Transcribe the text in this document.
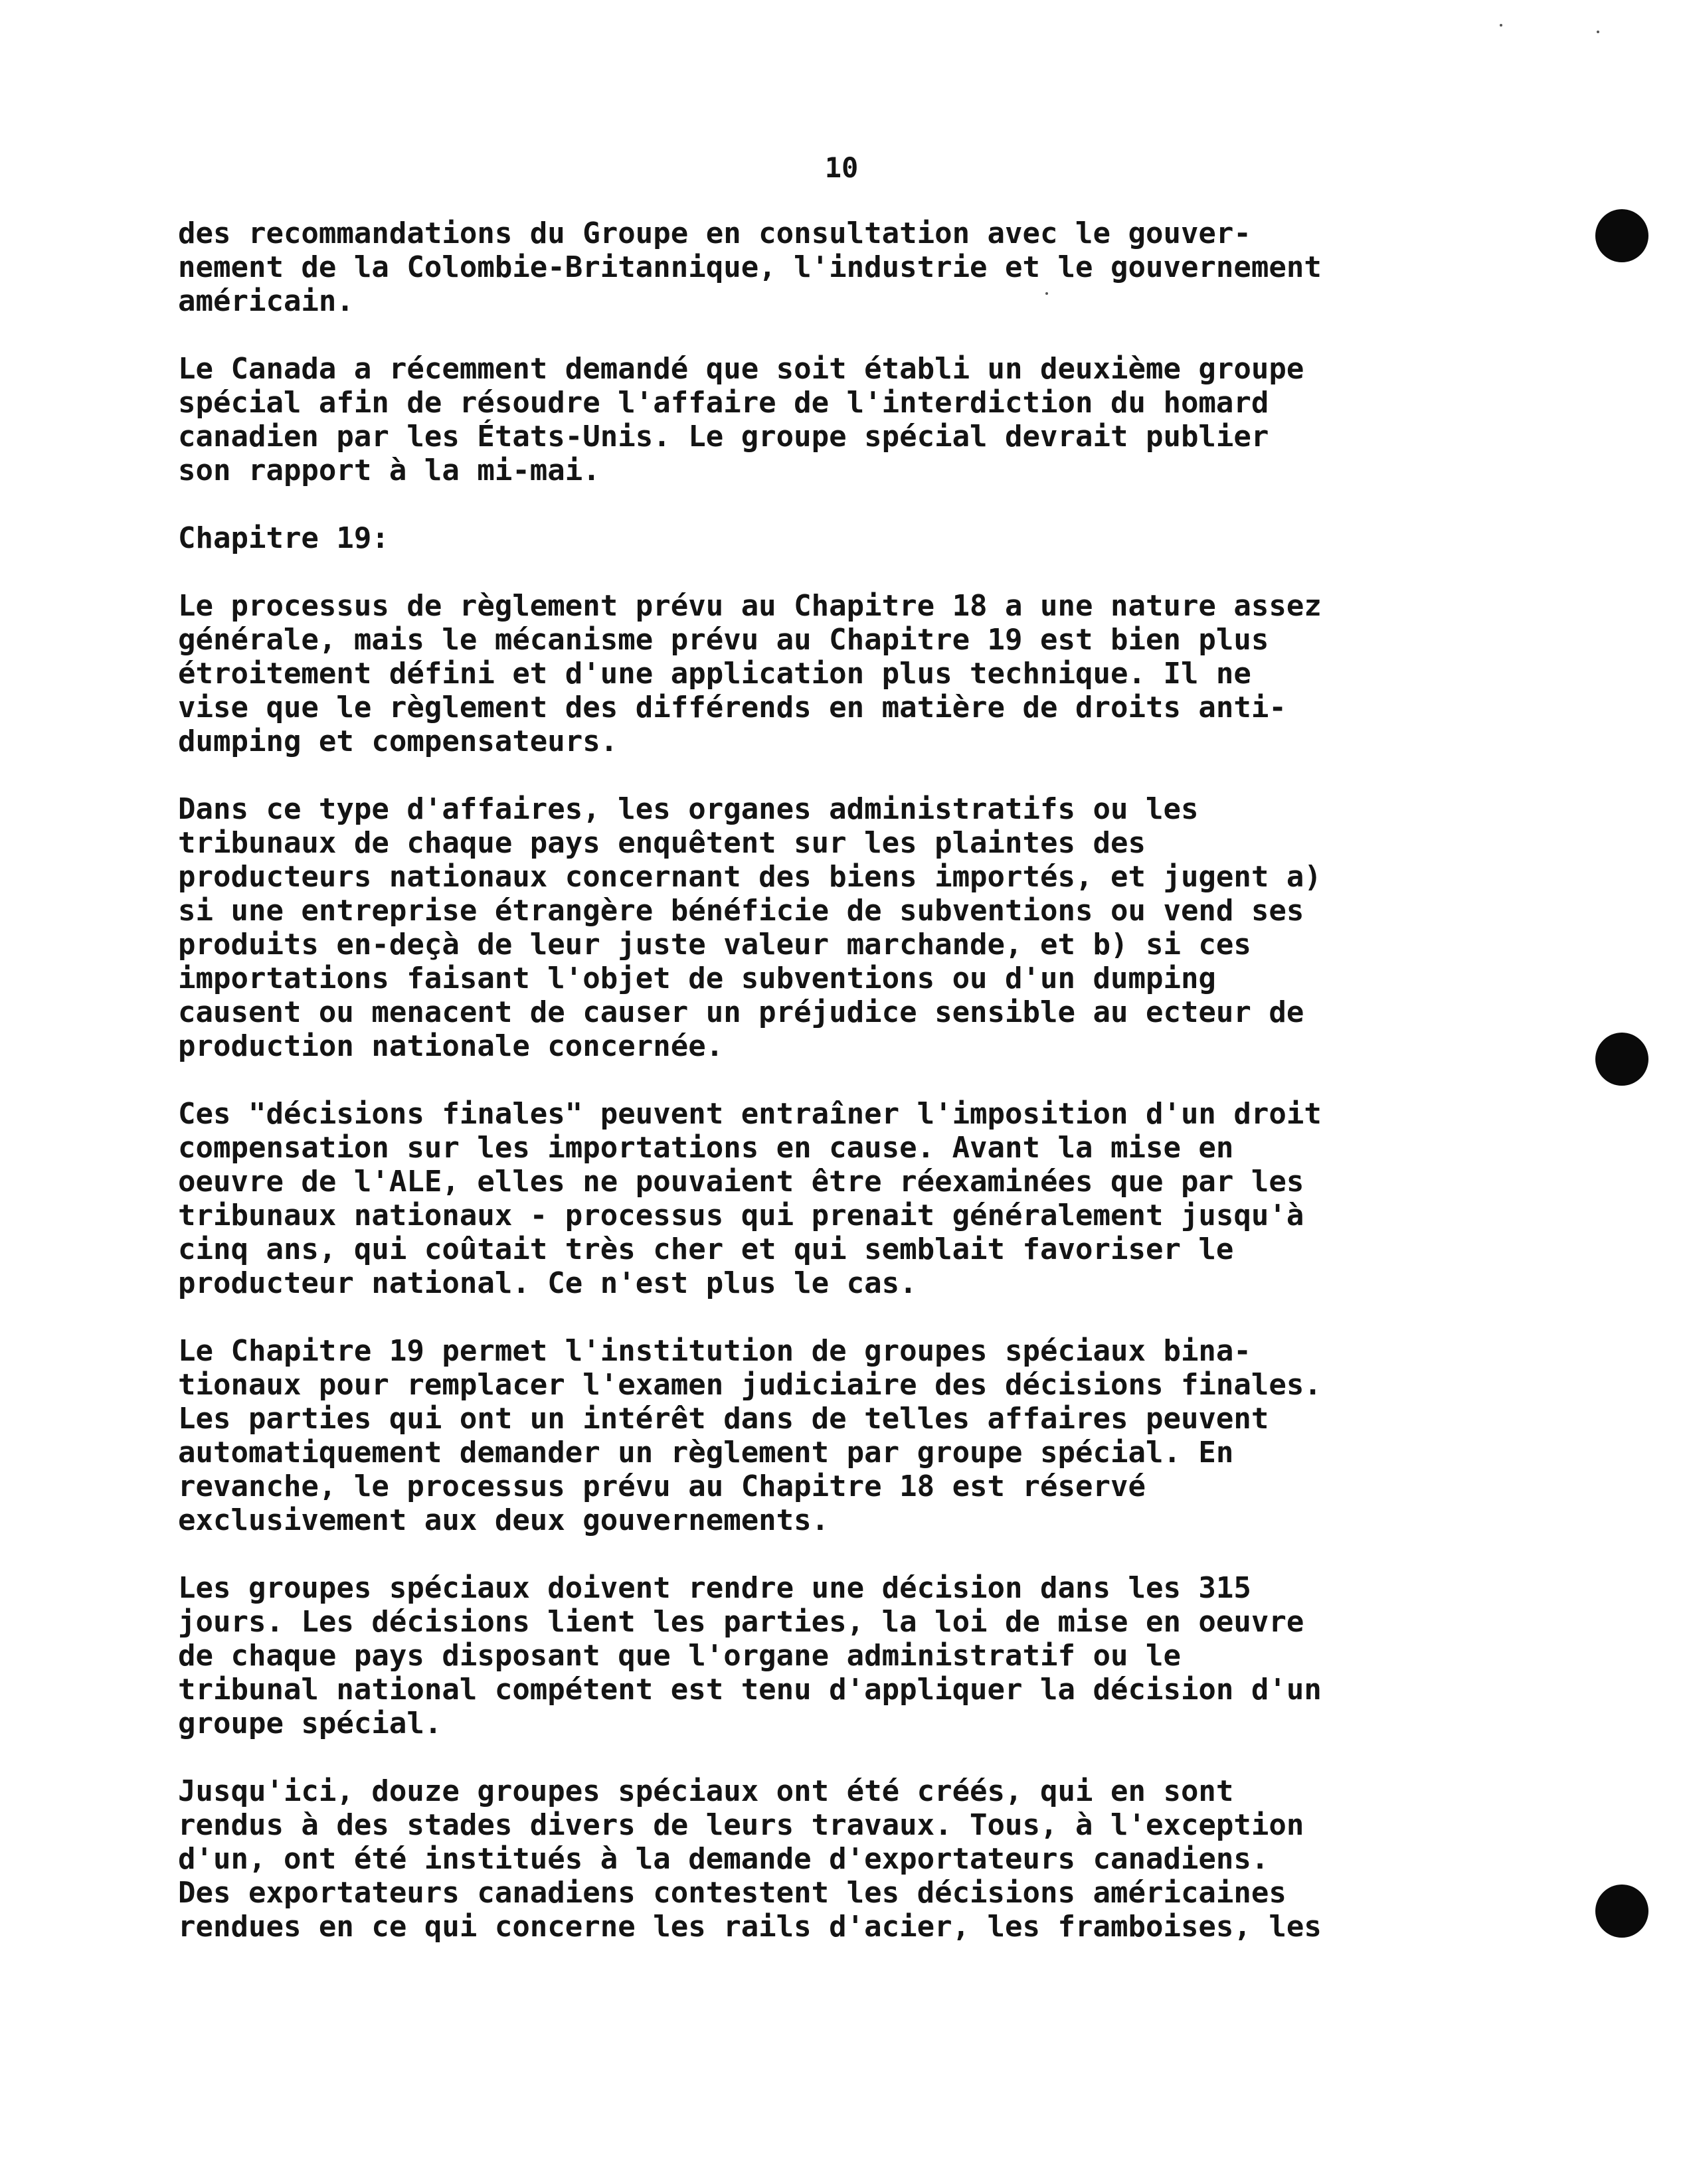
10
des recommandations du Groupe en consultation avec le gouver-
nement de la Colombie-Britannique, l'industrie et le gouvernement
américain.
Le Canada a récemment demandé que soit établi un deuxième groupe
spécial afin de résoudre l'affaire de l'interdiction du homard
canadien par les États-Unis. Le groupe spécial devrait publier
son rapport à la mi-mai.
Chapitre 19:
Le processus de règlement prévu au Chapitre 18 a une nature assez
générale, mais le mécanisme prévu au Chapitre 19 est bien plus
étroitement défini et d'une application plus technique. Il ne
vise que le règlement des différends en matière de droits anti-
dumping et compensateurs.
Dans ce type d'affaires, les organes administratifs ou les
tribunaux de chaque pays enquêtent sur les plaintes des
producteurs nationaux concernant des biens importés, et jugent a)
si une entreprise étrangère bénéficie de subventions ou vend ses
produits en-deçà de leur juste valeur marchande, et b) si ces
importations faisant l'objet de subventions ou d'un dumping
causent ou menacent de causer un préjudice sensible au ecteur de
production nationale concernée.
Ces "décisions finales" peuvent entraîner l'imposition d'un droit
compensation sur les importations en cause. Avant la mise en
oeuvre de l'ALE, elles ne pouvaient être réexaminées que par les
tribunaux nationaux - processus qui prenait généralement jusqu'à
cinq ans, qui coûtait très cher et qui semblait favoriser le
producteur national. Ce n'est plus le cas.
Le Chapitre 19 permet l'institution de groupes spéciaux bina-
tionaux pour remplacer l'examen judiciaire des décisions finales.
Les parties qui ont un intérêt dans de telles affaires peuvent
automatiquement demander un règlement par groupe spécial. En
revanche, le processus prévu au Chapitre 18 est réservé
exclusivement aux deux gouvernements.
Les groupes spéciaux doivent rendre une décision dans les 315
jours. Les décisions lient les parties, la loi de mise en oeuvre
de chaque pays disposant que l'organe administratif ou le
tribunal national compétent est tenu d'appliquer la décision d'un
groupe spécial.
Jusqu'ici, douze groupes spéciaux ont été créés, qui en sont
rendus à des stades divers de leurs travaux. Tous, à l'exception
d'un, ont été institués à la demande d'exportateurs canadiens.
Des exportateurs canadiens contestent les décisions américaines
rendues en ce qui concerne les rails d'acier, les framboises, les
